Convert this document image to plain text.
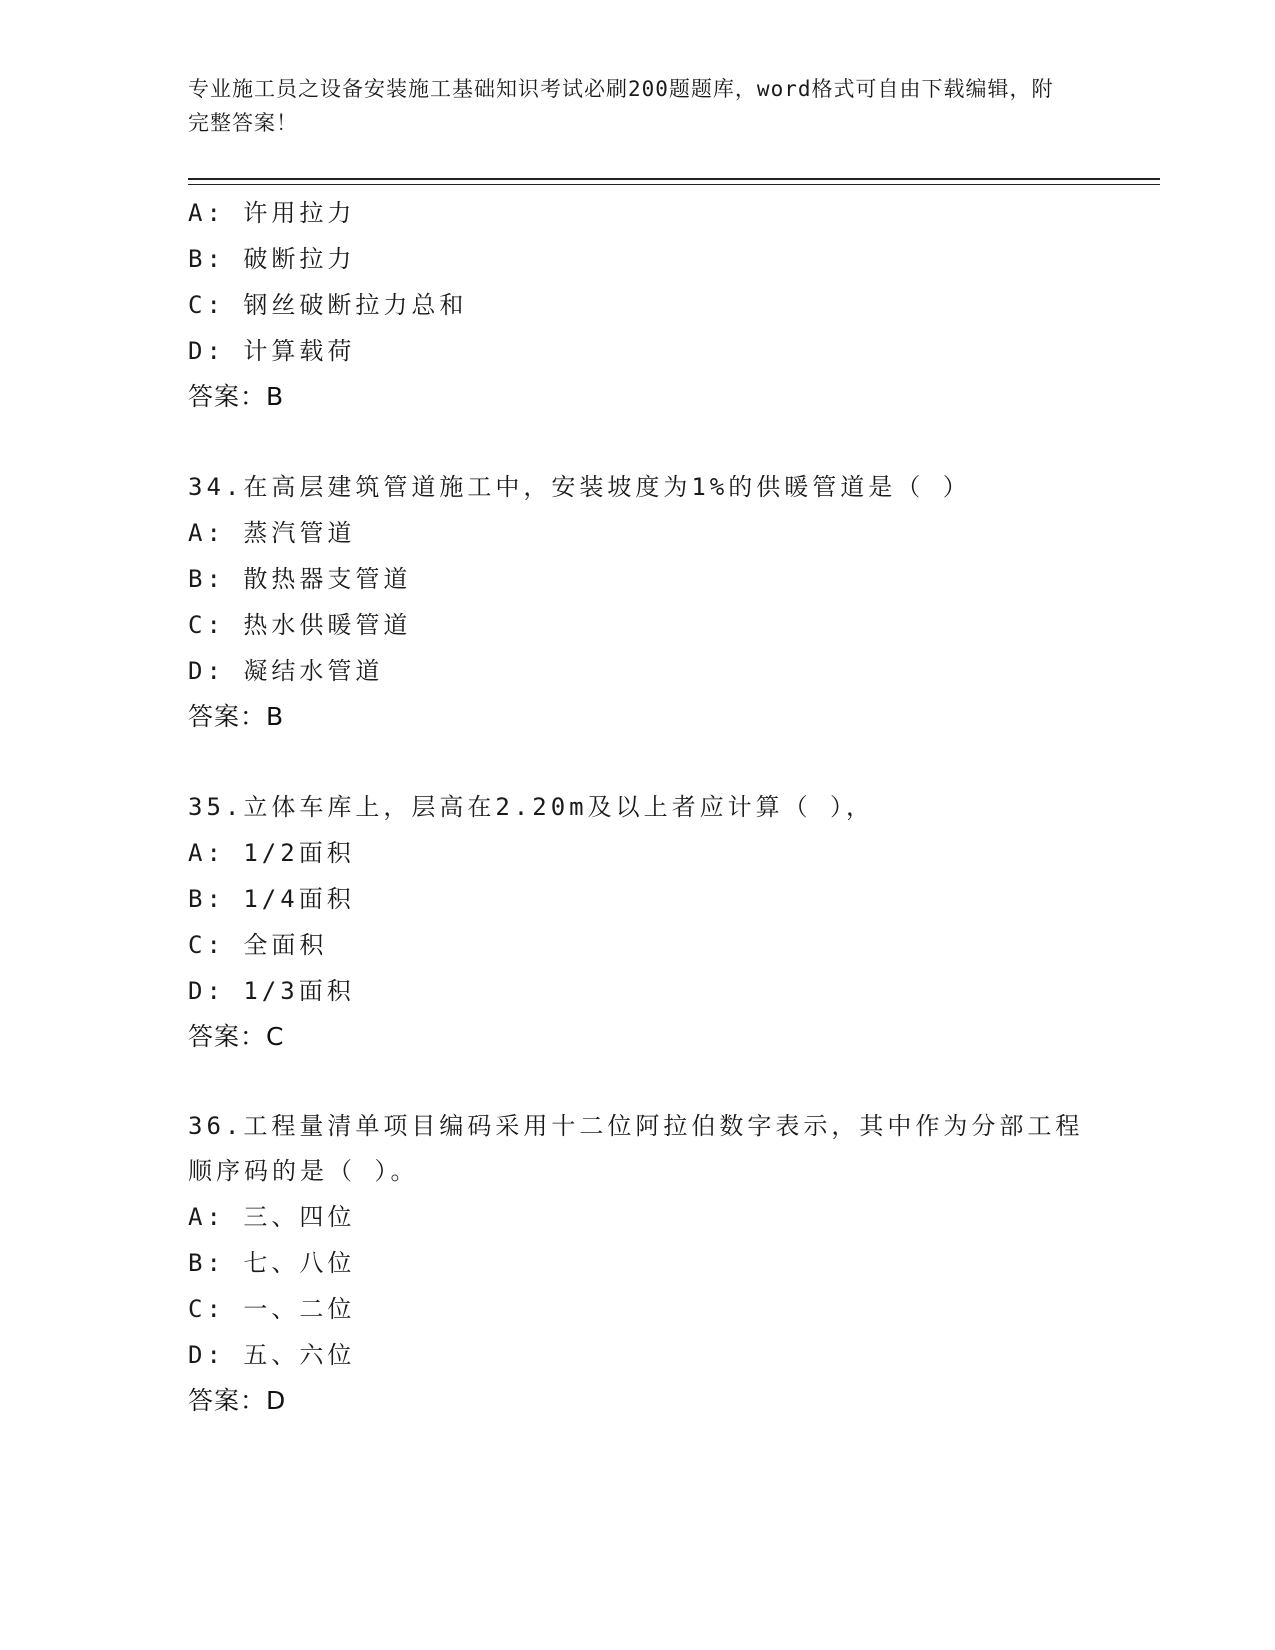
专业施工员之设备安装施工基础知识考试必刷200题题库，word格式可自由下载编辑，附完整答案！
A: 许用拉力
B: 破断拉力
C: 钢丝破断拉力总和
D: 计算载荷
答案：B
34.在高层建筑管道施工中，安装坡度为1%的供暖管道是（ ）
A: 蒸汽管道
B: 散热器支管道
C: 热水供暖管道
D: 凝结水管道
答案：B
35.立体车库上，层高在2.20m及以上者应计算（ ），
A: 1/2面积
B: 1/4面积
C: 全面积
D: 1/3面积
答案：C
36.工程量清单项目编码采用十二位阿拉伯数字表示，其中作为分部工程顺序码的是（ ）。
A: 三、四位
B: 七、八位
C: 一、二位
D: 五、六位
答案：D
